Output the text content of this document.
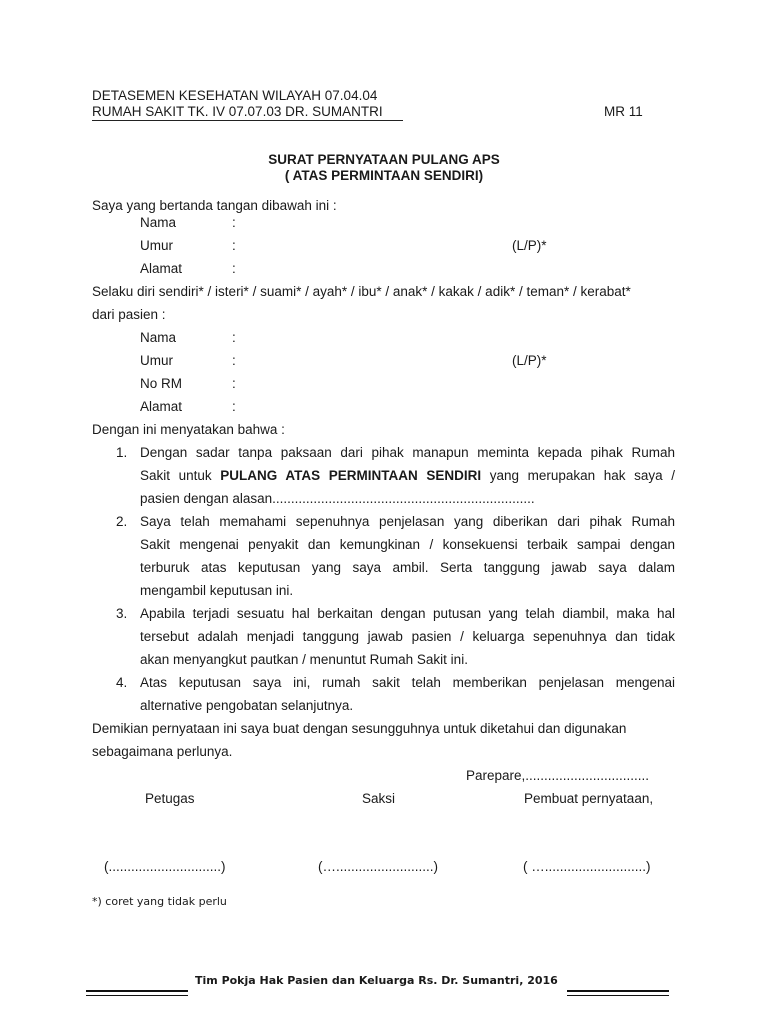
DETASEMEN KESEHATAN WILAYAH 07.04.04
RUMAH SAKIT TK. IV 07.07.03 DR. SUMANTRI	MR 11
SURAT PERNYATAAN PULANG APS
( ATAS PERMINTAAN SENDIRI)
Saya yang bertanda tangan dibawah ini :
Nama	:
Umur	:	(L/P)*
Alamat	:
Selaku diri sendiri* / isteri* / suami* / ayah* / ibu* / anak* / kakak / adik* / teman* / kerabat*
dari pasien :
Nama	:
Umur	:	(L/P)*
No RM	:
Alamat	:
Dengan ini menyatakan bahwa :
1. Dengan sadar tanpa paksaan dari pihak manapun meminta kepada pihak Rumah
Sakit untuk PULANG ATAS PERMINTAAN SENDIRI yang merupakan hak saya /
pasien dengan alasan......................................................................
2. Saya telah memahami sepenuhnya penjelasan yang diberikan dari pihak Rumah
Sakit mengenai penyakit dan kemungkinan / konsekuensi terbaik sampai dengan
terburuk atas keputusan yang saya ambil. Serta tanggung jawab saya dalam
mengambil keputusan ini.
3. Apabila terjadi sesuatu hal berkaitan dengan putusan yang telah diambil, maka hal
tersebut adalah menjadi tanggung jawab pasien / keluarga sepenuhnya dan tidak
akan menyangkut pautkan / menuntut Rumah Sakit ini.
4. Atas keputusan saya ini, rumah sakit telah memberikan penjelasan mengenai
alternative pengobatan selanjutnya.
Demikian pernyataan ini saya buat dengan sesungguhnya untuk diketahui dan digunakan
sebagaimana perlunya.
Parepare,.................................
Petugas	Saksi	Pembuat pernyataan,
(..............................)	(…..........................)	( …...........................)
*) coret yang tidak perlu
Tim Pokja Hak Pasien dan Keluarga Rs. Dr. Sumantri, 2016
